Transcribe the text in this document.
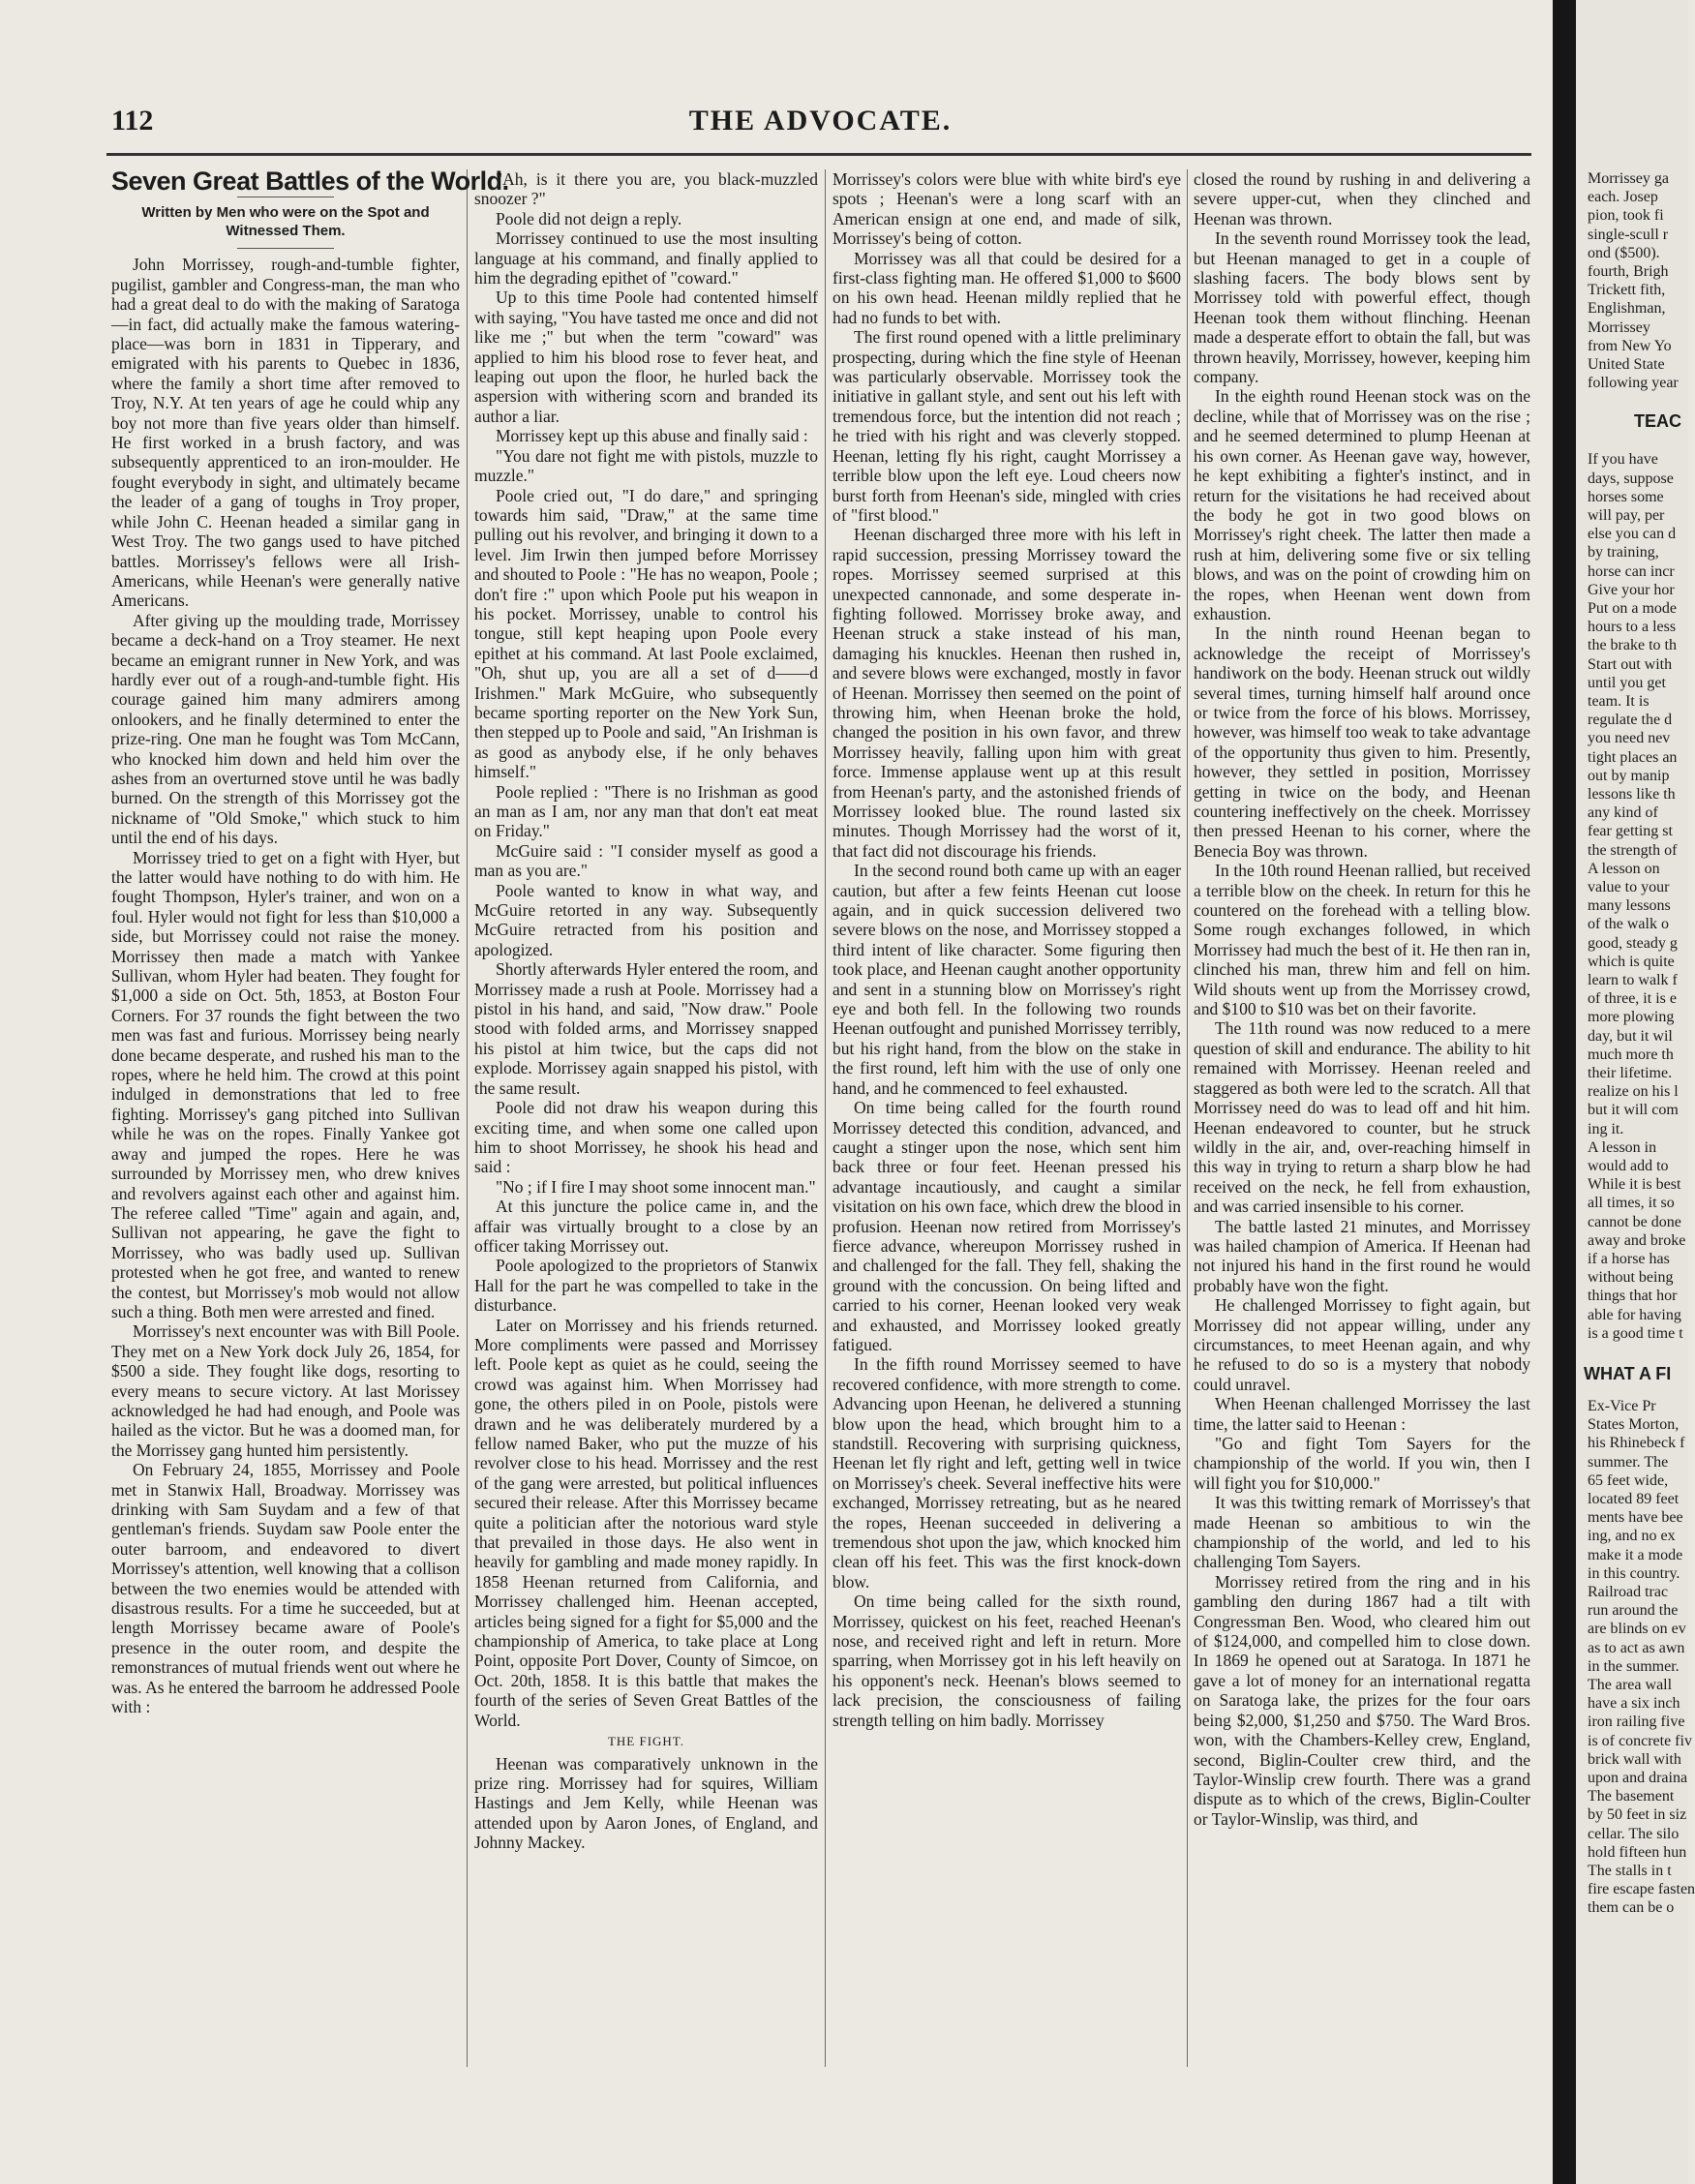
THE ADVOCATE.
112
Seven Great Battles of the World.
Written by Men who were on the Spot and Witnessed Them.

John Morrissey, rough-and-tumble fighter, pugilist, gambler and Congress-man, the man who had a great deal to do with the making of Saratoga—in fact, did actually make the famous watering-place—was born in 1831 in Tipperary, and emigrated with his parents to Quebec in 1836, where the family a short time after removed to Troy, N.Y. At ten years of age he could whip any boy not more than five years older than himself. He first worked in a brush factory, and was subsequently apprenticed to an iron-moulder. He fought everybody in sight, and ultimately became the leader of a gang of toughs in Troy proper, while John C. Heenan headed a similar gang in West Troy. The two gangs used to have pitched battles. Morrissey's fellows were all Irish-Americans, while Heenan's were generally native Americans.

After giving up the moulding trade, Morrissey became a deck-hand on a Troy steamer. He next became an emigrant runner in New York, and was hardly ever out of a rough-and-tumble fight. His courage gained him many admirers among onlookers, and he finally determined to enter the prize-ring. One man he fought was Tom McCann, who knocked him down and held him over the ashes from an overturned stove until he was badly burned. On the strength of this Morrissey got the nickname of "Old Smoke," which stuck to him until the end of his days.

Morrissey tried to get on a fight with Hyer, but the latter would have nothing to do with him. He fought Thompson, Hyler's trainer, and won on a foul. Hyler would not fight for less than $10,000 a side, but Morrissey could not raise the money. Morrissey then made a match with Yankee Sullivan, whom Hyler had beaten. They fought for $1,000 a side on Oct. 5th, 1853, at Boston Four Corners. For 37 rounds the fight between the two men was fast and furious. Morrissey being nearly done became desperate, and rushed his man to the ropes, where he held him. The crowd at this point indulged in demonstrations that led to free fighting. Morrissey's gang pitched into Sullivan while he was on the ropes. Finally Yankee got away and jumped the ropes. Here he was surrounded by Morrissey men, who drew knives and revolvers against each other and against him. The referee called "Time" again and again, and, Sullivan not appearing, he gave the fight to Morrissey, who was badly used up. Sullivan protested when he got free, and wanted to renew the contest, but Morrissey's mob would not allow such a thing. Both men were arrested and fined.

Morrissey's next encounter was with Bill Poole. They met on a New York dock July 26, 1854, for $500 a side. They fought like dogs, resorting to every means to secure victory. At last Morissey acknowledged he had had enough, and Poole was hailed as the victor. But he was a doomed man, for the Morrissey gang hunted him persistently.

On February 24, 1855, Morrissey and Poole met in Stanwix Hall, Broadway. Morrissey was drinking with Sam Suydam and a few of that gentleman's friends. Suydam saw Poole enter the outer barroom, and endeavored to divert Morrissey's attention, well knowing that a collison between the two enemies would be attended with disastrous results. For a time he succeeded, but at length Morrissey became aware of Poole's presence in the outer room, and despite the remonstrances of mutual friends went out where he was. As he entered the barroom he addressed Poole with :

"Ah, is it there you are, you black-muzzled snoozer ?"

Poole did not deign a reply.

Morrissey continued to use the most insulting language at his command, and finally applied to him the degrading epithet of "coward."

Up to this time Poole had contented himself with saying, "You have tasted me once and did not like me ;" but when the term "coward" was applied to him his blood rose to fever heat, and leaping out upon the floor, he hurled back the aspersion with withering scorn and branded its author a liar.

Morrissey kept up this abuse and finally said :

"You dare not fight me with pistols, muzzle to muzzle."

Poole cried out, "I do dare," and springing towards him said, "Draw," at the same time pulling out his revolver, and bringing it down to a level. Jim Irwin then jumped before Morrissey and shouted to Poole : "He has no weapon, Poole ; don't fire :" upon which Poole put his weapon in his pocket. Morrissey, unable to control his tongue, still kept heaping upon Poole every epithet at his command. At last Poole exclaimed, "Oh, shut up, you are all a set of d——d Irishmen." Mark McGuire, who subsequently became sporting reporter on the New York Sun, then stepped up to Poole and said, "An Irishman is as good as anybody else, if he only behaves himself."

Poole replied : "There is no Irishman as good an man as I am, nor any man that don't eat meat on Friday."

McGuire said : "I consider myself as good a man as you are."

Poole wanted to know in what way, and McGuire retorted in any way. Subsequently McGuire retracted from his position and apologized.

Shortly afterwards Hyler entered the room, and Morrissey made a rush at Poole. Morrissey had a pistol in his hand, and said, "Now draw." Poole stood with folded arms, and Morrissey snapped his pistol at him twice, but the caps did not explode. Morrissey again snapped his pistol, with the same result.

Poole did not draw his weapon during this exciting time, and when some one called upon him to shoot Morrissey, he shook his head and said :

"No ; if I fire I may shoot some innocent man."

At this juncture the police came in, and the affair was virtually brought to a close by an officer taking Morrissey out.

Poole apologized to the proprietors of Stanwix Hall for the part he was compelled to take in the disturbance.

Later on Morrissey and his friends returned. More compliments were passed and Morrissey left. Poole kept as quiet as he could, seeing the crowd was against him. When Morrissey had gone, the others piled in on Poole, pistols were drawn and he was deliberately murdered by a fellow named Baker, who put the muzze of his revolver close to his head. Morrissey and the rest of the gang were arrested, but political influences secured their release. After this Morrissey became quite a politician after the notorious ward style that prevailed in those days. He also went in heavily for gambling and made money rapidly. In 1858 Heenan returned from California, and Morrissey challenged him. Heenan accepted, articles being signed for a fight for $5,000 and the championship of America, to take place at Long Point, opposite Port Dover, County of Simcoe, on Oct. 20th, 1858. It is this battle that makes the fourth of the series of Seven Great Battles of the World.

THE FIGHT.

Heenan was comparatively unknown in the prize ring. Morrissey had for squires, William Hastings and Jem Kelly, while Heenan was attended upon by Aaron Jones, of England, and Johnny Mackey.

Morrissey's colors were blue with white bird's eye spots ; Heenan's were a long scarf with an American ensign at one end, and made of silk, Morrissey's being of cotton.

Morrissey was all that could be desired for a first-class fighting man. He offered $1,000 to $600 on his own head. Heenan mildly replied that he had no funds to bet with.

The first round opened with a little preliminary prospecting, during which the fine style of Heenan was particularly observable. Morrissey took the initiative in gallant style, and sent out his left with tremendous force, but the intention did not reach ; he tried with his right and was cleverly stopped. Heenan, letting fly his right, caught Morrissey a terrible blow upon the left eye. Loud cheers now burst forth from Heenan's side, mingled with cries of "first blood."

Heenan discharged three more with his left in rapid succession, pressing Morrissey toward the ropes. Morrissey seemed surprised at this unexpected cannonade, and some desperate in-fighting followed. Morrissey broke away, and Heenan struck a stake instead of his man, damaging his knuckles. Heenan then rushed in, and severe blows were exchanged, mostly in favor of Heenan. Morrissey then seemed on the point of throwing him, when Heenan broke the hold, changed the position in his own favor, and threw Morrissey heavily, falling upon him with great force. Immense applause went up at this result from Heenan's party, and the astonished friends of Morrissey looked blue. The round lasted six minutes. Though Morrissey had the worst of it, that fact did not discourage his friends.

In the second round both came up with an eager caution, but after a few feints Heenan cut loose again, and in quick succession delivered two severe blows on the nose, and Morrissey stopped a third intent of like character. Some figuring then took place, and Heenan caught another opportunity and sent in a stunning blow on Morrissey's right eye and both fell. In the following two rounds Heenan outfought and punished Morrissey terribly, but his right hand, from the blow on the stake in the first round, left him with the use of only one hand, and he commenced to feel exhausted.

On time being called for the fourth round Morrissey detected this condition, advanced, and caught a stinger upon the nose, which sent him back three or four feet. Heenan pressed his advantage incautiously, and caught a similar visitation on his own face, which drew the blood in profusion. Heenan now retired from Morrissey's fierce advance, whereupon Morrissey rushed in and challenged for the fall. They fell, shaking the ground with the concussion. On being lifted and carried to his corner, Heenan looked very weak and exhausted, and Morrissey looked greatly fatigued.

In the fifth round Morrissey seemed to have recovered confidence, with more strength to come. Advancing upon Heenan, he delivered a stunning blow upon the head, which brought him to a standstill. Recovering with surprising quickness, Heenan let fly right and left, getting well in twice on Morrissey's cheek. Several ineffective hits were exchanged, Morrissey retreating, but as he neared the ropes, Heenan succeeded in delivering a tremendous shot upon the jaw, which knocked him clean off his feet. This was the first knock-down blow.

On time being called for the sixth round, Morrissey, quickest on his feet, reached Heenan's nose, and received right and left in return. More sparring, when Morrissey got in his left heavily on his opponent's neck. Heenan's blows seemed to lack precision, the consciousness of failing strength telling on him badly. Morrissey

closed the round by rushing in and delivering a severe upper-cut, when they clinched and Heenan was thrown.

In the seventh round Morrissey took the lead, but Heenan managed to get in a couple of slashing facers. The body blows sent by Morrissey told with powerful effect, though Heenan took them without flinching. Heenan made a desperate effort to obtain the fall, but was thrown heavily, Morrissey, however, keeping him company.

In the eighth round Heenan stock was on the decline, while that of Morrissey was on the rise ; and he seemed determined to plump Heenan at his own corner. As Heenan gave way, however, he kept exhibiting a fighter's instinct, and in return for the visitations he had received about the body he got in two good blows on Morrissey's right cheek. The latter then made a rush at him, delivering some five or six telling blows, and was on the point of crowding him on the ropes, when Heenan went down from exhaustion.

In the ninth round Heenan began to acknowledge the receipt of Morrissey's handiwork on the body. Heenan struck out wildly several times, turning himself half around once or twice from the force of his blows. Morrissey, however, was himself too weak to take advantage of the opportunity thus given to him. Presently, however, they settled in position, Morrissey getting in twice on the body, and Heenan countering ineffectively on the cheek. Morrissey then pressed Heenan to his corner, where the Benecia Boy was thrown.

In the 10th round Heenan rallied, but received a terrible blow on the cheek. In return for this he countered on the forehead with a telling blow. Some rough exchanges followed, in which Morrissey had much the best of it. He then ran in, clinched his man, threw him and fell on him. Wild shouts went up from the Morrissey crowd, and $100 to $10 was bet on their favorite.

The 11th round was now reduced to a mere question of skill and endurance. The ability to hit remained with Morrissey. Heenan reeled and staggered as both were led to the scratch. All that Morrissey need do was to lead off and hit him. Heenan endeavored to counter, but he struck wildly in the air, and, over-reaching himself in this way in trying to return a sharp blow he had received on the neck, he fell from exhaustion, and was carried insensible to his corner.

The battle lasted 21 minutes, and Morrissey was hailed champion of America. If Heenan had not injured his hand in the first round he would probably have won the fight.

He challenged Morrissey to fight again, but Morrissey did not appear willing, under any circumstances, to meet Heenan again, and why he refused to do so is a mystery that nobody could unravel.

When Heenan challenged Morrissey the last time, the latter said to Heenan :

"Go and fight Tom Sayers for the championship of the world. If you win, then I will fight you for $10,000."

It was this twitting remark of Morrissey's that made Heenan so ambitious to win the championship of the world, and led to his challenging Tom Sayers.

Morrissey retired from the ring and in his gambling den during 1867 had a tilt with Congressman Ben. Wood, who cleared him out of $124,000, and compelled him to close down. In 1869 he opened out at Saratoga. In 1871 he gave a lot of money for an international regatta on Saratoga lake, the prizes for the four oars being $2,000, $1,250 and $750. The Ward Bros. won, with the Chambers-Kelley crew, England, second, Biglin-Coulter crew third, and the Taylor-Winslip crew fourth. There was a grand dispute as to which of the crews, Biglin-Coulter or Taylor-Winslip, was third, and

Morrissey ga
each. Josep
pion, took fi
single-scull r
ond ($500).
fourth, Brigh
Trickett fith,
Englishman,
Morrissey
from New Yo
United State
following year
TEAC
If you have
days, suppose
horses some
will pay, per
else you can d
by training,
horse can incr
Give your hor
Put on a mode
hours to a less
the brake to th
Start out with
until you get
team. It is
regulate the d
you need nev
tight places an
out by manip
lessons like th
any kind of
fear getting st
the strength of
A lesson on
value to your
many lessons
of the walk o
good, steady g
which is quite
learn to walk f
of three, it is e
more plowing
day, but it wil
much more th
their lifetime.
realize on his l
but it will com
ing it.
A lesson in
would add to
While it is best
all times, it so
cannot be done
away and broke
if a horse has
without being
things that hor
able for having
is a good time t
WHAT A FI
Ex-Vice Pr
States Morton,
his Rhinebeck f
summer. The
65 feet wide,
located 89 feet
ments have bee
ing, and no ex
make it a mode
in this country.
Railroad trac
run around the
are blinds on ev
as to act as awn
in the summer.
The area wall
have a six inch
iron railing five
is of concrete fiv
brick wall with
upon and draina
The basement
by 50 feet in siz
cellar. The silo
hold fifteen hun
The stalls in t
fire escape fasten
them can be o
